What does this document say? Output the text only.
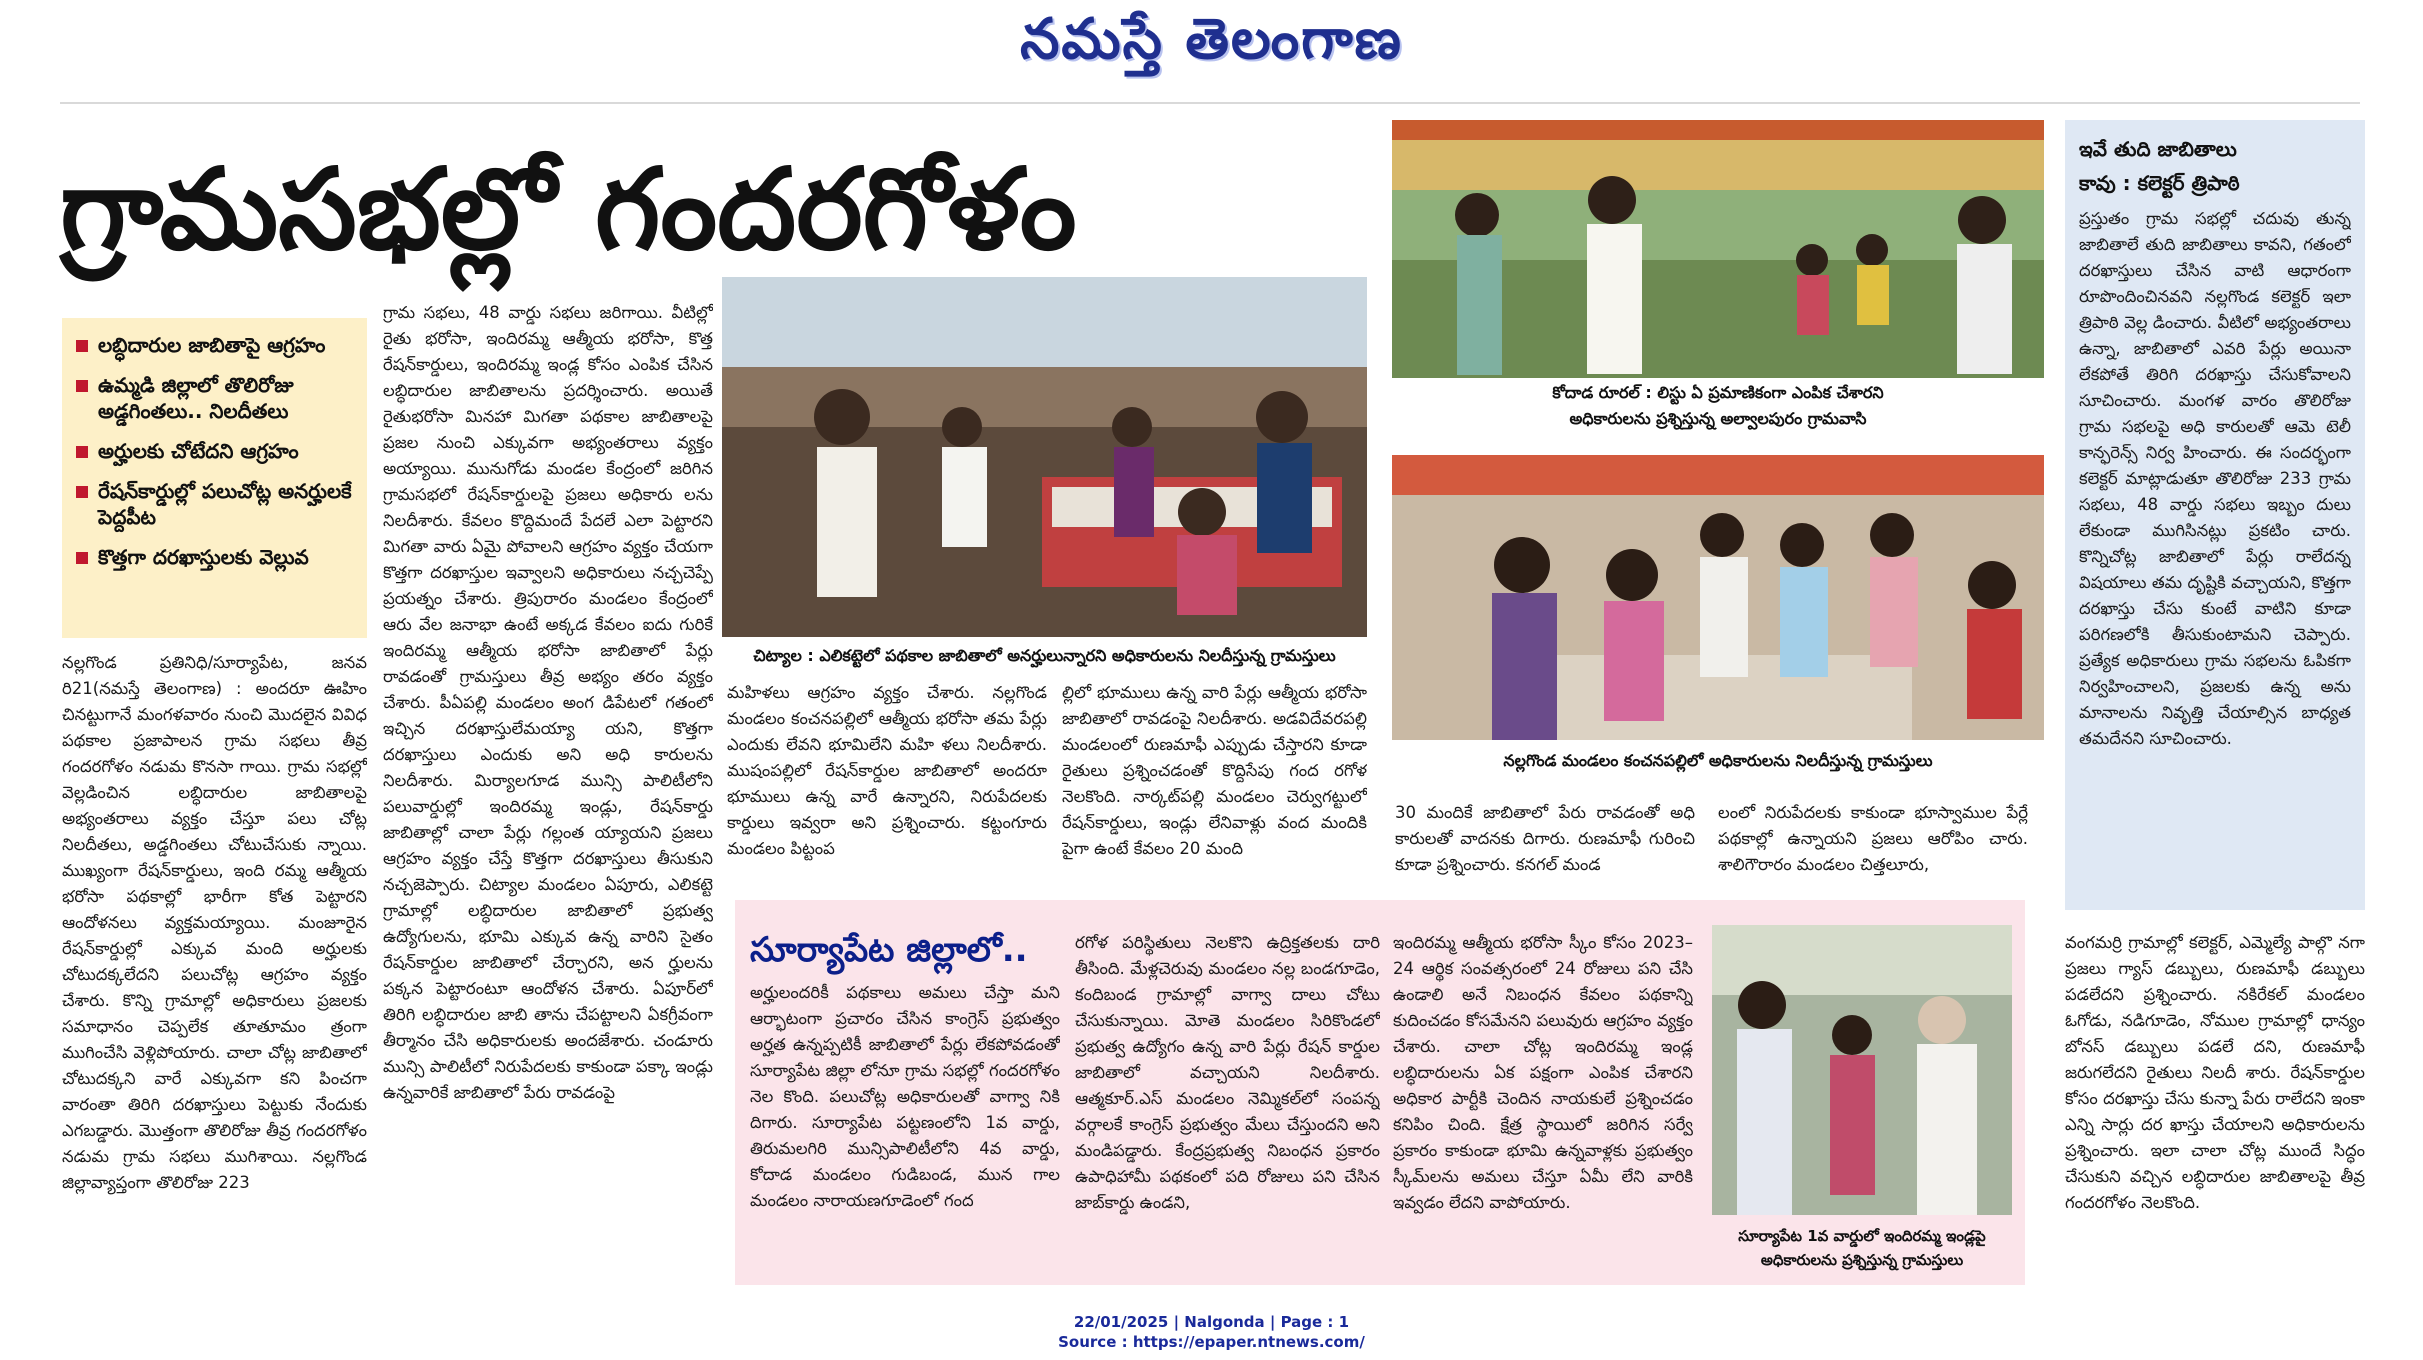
నమస్తే తెలంగాణ
గ్రామసభల్లో గందరగోళం
లబ్ధిదారుల జాబితాపై ఆగ్రహం
ఉమ్మడి జిల్లాలో తొలిరోజు అడ్డగింతలు.. నిలదీతలు
అర్హులకు చోటేదని ఆగ్రహం
రేషన్‌కార్డుల్లో పలుచోట్ల అనర్హులకే పెద్దపీట
కొత్తగా దరఖాస్తులకు వెల్లువ
నల్లగొండ ప్రతినిధి/సూర్యాపేట, జనవ రి21(నమస్తే తెలంగాణ) : అందరూ ఊహిం చినట్టుగానే మంగళవారం నుంచి మొదలైన వివిధ పథకాల ప్రజాపాలన గ్రామ సభలు తీవ్ర గందరగోళం నడుమ కొనసా గాయి. గ్రామ సభల్లో వెల్లడించిన లబ్ధిదారుల జాబితాలపై అభ్యంతరాలు వ్యక్తం చేస్తూ పలు చోట్ల నిలదీతలు, అడ్డగింతలు చోటుచేసుకు న్నాయి. ముఖ్యంగా రేషన్‌కార్డులు, ఇంది రమ్మ ఆత్మీయ భరోసా పథకాల్లో భారీగా కోత పెట్టారని ఆందోళనలు వ్యక్తమయ్యాయి. మంజూరైన రేషన్‌కార్డుల్లో ఎక్కువ మంది అర్హులకు చోటుదక్కలేదని పలుచోట్ల ఆగ్రహం వ్యక్తం చేశారు. కొన్ని గ్రామాల్లో అధికారులు ప్రజలకు సమాధానం చెప్పలేక తూతూమం త్రంగా ముగించేసి వెళ్లిపోయారు. చాలా చోట్ల జాబితాలో చోటుదక్కని వారే ఎక్కువగా కని పించగా వారంతా తిరిగి దరఖాస్తులు పెట్టుకు నేందుకు ఎగబడ్డారు. మొత్తంగా తొలిరోజు తీవ్ర గందరగోళం నడుమ గ్రామ సభలు ముగిశాయి. నల్లగొండ జిల్లావ్యాప్తంగా తొలిరోజు 223
గ్రామ సభలు, 48 వార్డు సభలు జరిగాయి. వీటిల్లో రైతు భరోసా, ఇందిరమ్మ ఆత్మీయ భరోసా, కొత్త రేషన్‌కార్డులు, ఇందిరమ్మ ఇండ్ల కోసం ఎంపిక చేసిన లబ్ధిదారుల జాబితాలను ప్రదర్శించారు. అయితే రైతుభరోసా మినహా మిగతా పథకాల జాబితాలపై ప్రజల నుంచి ఎక్కువగా అభ్యంతరాలు వ్యక్తం అయ్యాయి. మునుగోడు మండల కేంద్రంలో జరిగిన గ్రామసభలో రేషన్‌కార్డులపై ప్రజలు అధికారు లను నిలదీశారు. కేవలం కొద్దిమందే పేదలే ఎలా పెట్టారని మిగతా వారు ఏమై పోవాలని ఆగ్రహం వ్యక్తం చేయగా కొత్తగా దరఖాస్తుల ఇవ్వాలని అధికారులు నచ్చచెప్పే ప్రయత్నం చేశారు. త్రిపురారం మండలం కేంద్రంలో ఆరు వేల జనాభా ఉంటే అక్కడ కేవలం ఐదు గురికే ఇందిరమ్మ ఆత్మీయ భరోసా జాబితాలో పేర్లు రావడంతో గ్రామస్తులు తీవ్ర అభ్యం తరం వ్యక్తం చేశారు. పీఏపల్లి మండలం అంగ డిపేటలో గతంలో ఇచ్చిన దరఖాస్తులేమయ్యా యని, కొత్తగా దరఖాస్తులు ఎందుకు అని అధి కారులను నిలదీశారు. మిర్యాలగూడ మున్సి పాలిటీలోని పలువార్డుల్లో ఇందిరమ్మ ఇండ్లు, రేషన్‌కార్డు జాబితాల్లో చాలా పేర్లు గల్లంత య్యాయని ప్రజలు ఆగ్రహం వ్యక్తం చేస్తే కొత్తగా దరఖాస్తులు తీసుకుని నచ్చజెప్పారు. చిట్యాల మండలం ఏపూరు, ఎలికట్టె గ్రామాల్లో లబ్ధిదారుల జాబితాలో ప్రభుత్వ ఉద్యోగులను, భూమి ఎక్కువ ఉన్న వారిని సైతం రేషన్‌కార్డుల జాబితాలో చేర్చారని, అన ర్హులను పక్కన పెట్టారంటూ ఆందోళన చేశారు. ఏపూర్‌లో తిరిగి లబ్ధిదారుల జాబి తాను చేపట్టాలని ఏకగ్రీవంగా తీర్మానం చేసి అధికారులకు అందజేశారు. చండూరు మున్సి పాలిటీలో నిరుపేదలకు కాకుండా పక్కా ఇండ్లు ఉన్నవారికే జాబితాలో పేరు రావడంపై
చిట్యాల : ఎలికట్టెలో పథకాల జాబితాలో అనర్హులున్నారని అధికారులను నిలదీస్తున్న గ్రామస్తులు
మహిళలు ఆగ్రహం వ్యక్తం చేశారు. నల్లగొండ మండలం కంచనపల్లిలో ఆత్మీయ భరోసా తమ పేర్లు ఎందుకు లేవని భూమిలేని మహి ళలు నిలదీశారు. ముషంపల్లిలో రేషన్‌కార్డుల జాబితాలో అందరూ భూములు ఉన్న వారే ఉన్నారని, నిరుపేదలకు కార్డులు ఇవ్వరా అని ప్రశ్నించారు. కట్టంగూరు మండలం పిట్టంప
ల్లిలో భూములు ఉన్న వారి పేర్లు ఆత్మీయ భరోసా జాబితాలో రావడంపై నిలదీశారు. అడవిదేవరపల్లి మండలంలో రుణమాఫీ ఎప్పుడు చేస్తారని కూడా రైతులు ప్రశ్నించడంతో కొద్దిసేపు గంద రగోళ నెలకొంది. నార్కట్‌పల్లి మండలం చెర్వుగట్టులో రేషన్‌కార్డులు, ఇండ్లు లేనివాళ్లు వంద మందికి పైగా ఉంటే కేవలం 20 మంది
కోదాడ రూరల్ : లిస్టు ఏ ప్రమాణికంగా ఎంపిక చేశారని
అధికారులను ప్రశ్నిస్తున్న అల్వాలపురం గ్రామవాసి
నల్లగొండ మండలం కంచనపల్లిలో అధికారులను నిలదీస్తున్న గ్రామస్తులు
30 మందికే జాబితాలో పేరు రావడంతో అధి కారులతో వాదనకు దిగారు. రుణమాఫీ గురించి కూడా ప్రశ్నించారు. కనగల్ మండ
లంలో నిరుపేదలకు కాకుండా భూస్వాముల పేర్లే పథకాల్లో ఉన్నాయని ప్రజలు ఆరోపిం చారు. శాలిగౌరారం మండలం చిత్తలూరు,
ఇవే తుది జాబితాలు
కావు : కలెక్టర్ త్రిపాఠి
ప్రస్తుతం గ్రామ సభల్లో చదువు తున్న జాబితాలే తుది జాబితాలు కావని, గతంలో దరఖాస్తులు చేసిన వాటి ఆధారంగా రూపొందించినవని నల్లగొండ కలెక్టర్ ఇలా త్రిపాఠి వెల్ల డించారు. వీటిలో అభ్యంతరాలు ఉన్నా, జాబితాలో ఎవరి పేర్లు అయినా లేకపోతే తిరిగి దరఖాస్తు చేసుకోవాలని సూచించారు. మంగళ వారం తొలిరోజు గ్రామ సభలపై అధి కారులతో ఆమె టెలీ కాన్ఫరెన్స్ నిర్వ హించారు. ఈ సందర్భంగా కలెక్టర్ మాట్లాడుతూ తొలిరోజు 233 గ్రామ సభలు, 48 వార్డు సభలు ఇబ్బం దులు లేకుండా ముగిసినట్లు ప్రకటిం చారు. కొన్నిచోట్ల జాబితాలో పేర్లు రాలేదన్న విషయాలు తమ దృష్టికి వచ్చాయని, కొత్తగా దరఖాస్తు చేసు కుంటే వాటిని కూడా పరిగణలోకి తీసుకుంటామని చెప్పారు. ప్రత్యేక అధికారులు గ్రామ సభలను ఓపికగా నిర్వహించాలని, ప్రజలకు ఉన్న అను మానాలను నివృత్తి చేయాల్సిన బాధ్యత తమదేనని సూచించారు.
సూర్యాపేట జిల్లాలో..
అర్హులందరికీ పథకాలు అమలు చేస్తా మని ఆర్భాటంగా ప్రచారం చేసిన కాంగ్రెస్ ప్రభుత్వం అర్హత ఉన్నప్పటికీ జాబితాలో పేర్లు లేకపోవడంతో సూర్యాపేట జిల్లా లోనూ గ్రామ సభల్లో గందరగోళం నెల కొంది. పలుచోట్ల అధికారులతో వాగ్వా నికి దిగారు. సూర్యాపేట పట్టణంలోని 1వ వార్డు, తిరుమలగిరి మున్సిపాలిటీలోని 4వ వార్డు, కోదాడ మండలం గుడిబండ, మున గాల మండలం నారాయణగూడెంలో గంద
రగోళ పరిస్థితులు నెలకొని ఉద్రిక్తతలకు దారి తీసింది. మేళ్లచెరువు మండలం నల్ల బండగూడెం, కందిబండ గ్రామాల్లో వాగ్వా దాలు చోటు చేసుకున్నాయి. మోతె మండలం సిరికొండలో ప్రభుత్వ ఉద్యోగం ఉన్న వారి పేర్లు రేషన్ కార్డుల జాబితాలో వచ్చాయని నిలదీశారు. ఆత్మకూర్.ఎస్ మండలం నెమ్మికల్‌లో సంపన్న వర్గాలకే కాంగ్రెస్ ప్రభుత్వం మేలు చేస్తుందని అని మండిపడ్డారు. కేంద్రప్రభుత్వ నిబంధన ప్రకారం ఉపాధిహామీ పథకంలో పది రోజులు పని చేసిన జాబ్‌కార్డు ఉండని,
ఇందిరమ్మ ఆత్మీయ భరోసా స్కీం కోసం 2023–24 ఆర్థిక సంవత్సరంలో 24 రోజులు పని చేసి ఉండాలి అనే నిబంధన కేవలం పథకాన్ని కుదించడం కోసమేనని పలువురు ఆగ్రహం వ్యక్తం చేశారు. చాలా చోట్ల ఇందిరమ్మ ఇండ్ల లబ్ధిదారులను ఏక పక్షంగా ఎంపిక చేశారని అధికార పార్టీకి చెందిన నాయకులే ప్రశ్నించడం కనిపిం చింది. క్షేత్ర స్థాయిలో జరిగిన సర్వే ప్రకారం కాకుండా భూమి ఉన్నవాళ్లకు ప్రభుత్వం స్కీమ్‌లను అమలు చేస్తూ ఏమీ లేని వారికి ఇవ్వడం లేదని వాపోయారు.
సూర్యాపేట 1వ వార్డులో ఇందిరమ్మ ఇండ్లపై
అధికారులను ప్రశ్నిస్తున్న గ్రామస్తులు
వంగమర్రి గ్రామాల్లో కలెక్టర్, ఎమ్మెల్యే పాల్గొ నగా ప్రజలు గ్యాస్ డబ్బులు, రుణమాఫీ డబ్బులు పడలేదని ప్రశ్నించారు. నకిరేకల్ మండలం ఓగోడు, నడిగూడెం, నోముల గ్రామాల్లో ధాన్యం బోనస్ డబ్బులు పడలే దని, రుణమాఫీ జరుగలేదని రైతులు నిలదీ శారు. రేషన్‌కార్డుల కోసం దరఖాస్తు చేసు కున్నా పేరు రాలేదని ఇంకా ఎన్ని సార్లు దర ఖాస్తు చేయాలని అధికారులను ప్రశ్నించారు. ఇలా చాలా చోట్ల ముందే సిద్ధం చేసుకుని వచ్చిన లబ్ధిదారుల జాబితాలపై తీవ్ర గందరగోళం నెలకొంది.
22/01/2025 | Nalgonda | Page : 1
Source : https://epaper.ntnews.com/
